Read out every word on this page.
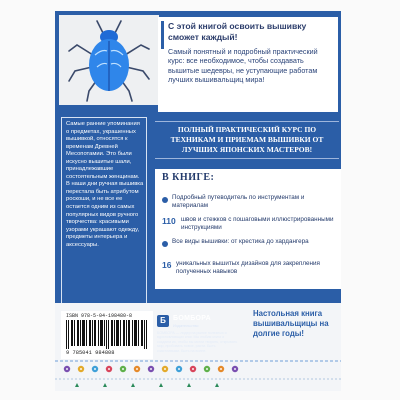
С этой книгой освоить вышивку сможет каждый!
Самый понятный и подробный практический курс: все необходимое, чтобы создавать вышитые шедевры, не уступающие работам лучших вышивальщиц мира!
Самые ранние упоминания о предметах, украшенных вышивкой, относятся к временам Древней Месопотамии. Это были искусно вышитые шали, принадлежавшие состоятельным женщинам. В наши дни ручная вышивка перестала быть атрибутом роскоши, и не все ее остается одним из самых популярных видов ручного творчества: красивыми узорами украшают одежду, предметы интерьера и аксессуары.
ПОЛНЫЙ ПРАКТИЧЕСКИЙ КУРС ПО ТЕХНИКАМ И ПРИЕМАМ ВЫШИВКИ ОТ ЛУЧШИХ ЯПОНСКИХ МАСТЕРОВ!
В КНИГЕ:
Подробный путеводитель по инструментам и материалам
110 швов и стежков с пошаговыми иллюстрированными инструкциями
Все виды вышивки: от крестика до хардангера
16 уникальных вышитых дизайнов для закрепления полученных навыков
ISBN 978-5-04-198480-8
9 785041 984808
Б	БОМБОРА
Издательство
БОМБОРА — лидер на рынке полезных и вдохновляющих книг. Мы любим книги и создаем их, чтобы вы могли творить, открывать мир, пробовать новое, расти. Быть счастливыми. Быть на волне.
Настольная книга вышивальщицы на долгие годы!
